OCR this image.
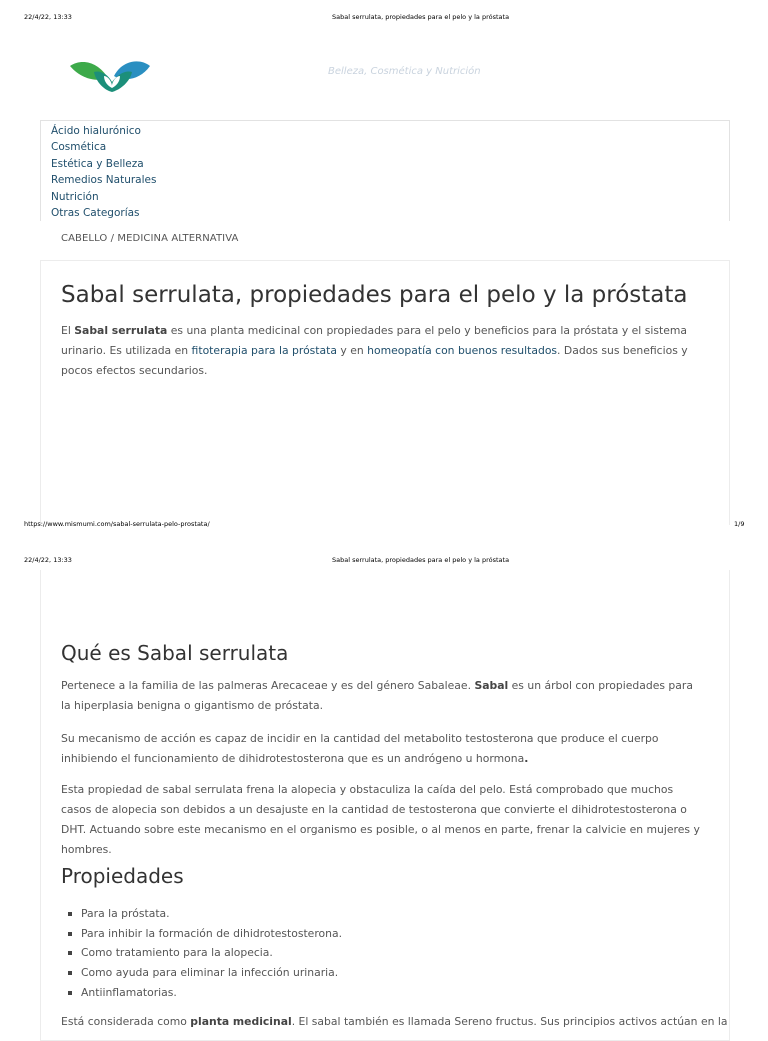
22/4/22, 13:33	Sabal serrulata, propiedades para el pelo y la próstata
Belleza, Cosmética y Nutrición
Ácido hialurónico
Cosmética
Estética y Belleza
Remedios Naturales
Nutrición
Otras Categorías
CABELLO / MEDICINA ALTERNATIVA
Sabal serrulata, propiedades para el pelo y la próstata

El Sabal serrulata es una planta medicinal con propiedades para el pelo y beneficios para la próstata y el sistema urinario. Es utilizada en fitoterapia para la próstata y en homeopatía con buenos resultados. Dados sus beneficios y pocos efectos secundarios.

https://www.mismumi.com/sabal-serrulata-pelo-prostata/	1/9
22/4/22, 13:33	Sabal serrulata, propiedades para el pelo y la próstata
Qué es Sabal serrulata

Pertenece a la familia de las palmeras Arecaceae y es del género Sabaleae. Sabal es un árbol con propiedades para la hiperplasia benigna o gigantismo de próstata.

Su mecanismo de acción es capaz de incidir en la cantidad del metabolito testosterona que produce el cuerpo inhibiendo el funcionamiento de dihidrotestosterona que es un andrógeno u hormona.

Esta propiedad de sabal serrulata frena la alopecia y obstaculiza la caída del pelo. Está comprobado que muchos casos de alopecia son debidos a un desajuste en la cantidad de testosterona que convierte el dihidrotestosterona o DHT. Actuando sobre este mecanismo en el organismo es posible, o al menos en parte, frenar la calvicie en mujeres y hombres.

Propiedades
Para la próstata.
Para inhibir la formación de dihidrotestosterona.
Como tratamiento para la alopecia.
Como ayuda para eliminar la infección urinaria.
Antiinflamatorias.

Está considerada como planta medicinal. El sabal también es llamada Sereno fructus. Sus principios activos actúan en la
